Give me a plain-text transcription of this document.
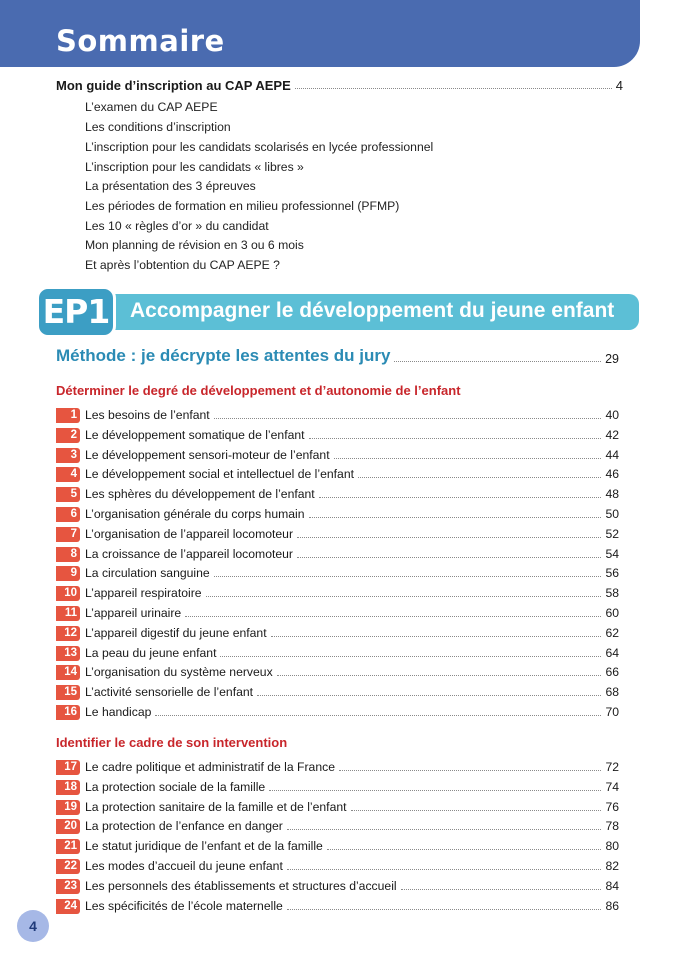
Sommaire
Mon guide d’inscription au CAP AEPE	4
L’examen du CAP AEPE
Les conditions d’inscription
L’inscription pour les candidats scolarisés en lycée professionnel
L’inscription pour les candidats « libres »
La présentation des 3 épreuves
Les périodes de formation en milieu professionnel (PFMP)
Les 10 « règles d’or » du candidat
Mon planning de révision en 3 ou 6 mois
Et après l’obtention du CAP AEPE ?
EP1 Accompagner le développement du jeune enfant
Méthode : je décrypte les attentes du jury	29
Déterminer le degré de développement et d’autonomie de l’enfant
1 Les besoins de l’enfant	40
2 Le développement somatique de l’enfant	42
3 Le développement sensori-moteur de l’enfant	44
4 Le développement social et intellectuel de l’enfant	46
5 Les sphères du développement de l’enfant	48
6 L’organisation générale du corps humain	50
7 L’organisation de l’appareil locomoteur	52
8 La croissance de l’appareil locomoteur	54
9 La circulation sanguine	56
10 L’appareil respiratoire	58
11 L’appareil urinaire	60
12 L’appareil digestif du jeune enfant	62
13 La peau du jeune enfant	64
14 L’organisation du système nerveux	66
15 L’activité sensorielle de l’enfant	68
16 Le handicap	70
Identifier le cadre de son intervention
17 Le cadre politique et administratif de la France	72
18 La protection sociale de la famille	74
19 La protection sanitaire de la famille et de l’enfant	76
20 La protection de l’enfance en danger	78
21 Le statut juridique de l’enfant et de la famille	80
22 Les modes d’accueil du jeune enfant	82
23 Les personnels des établissements et structures d’accueil	84
24 Les spécificités de l’école maternelle	86
4
